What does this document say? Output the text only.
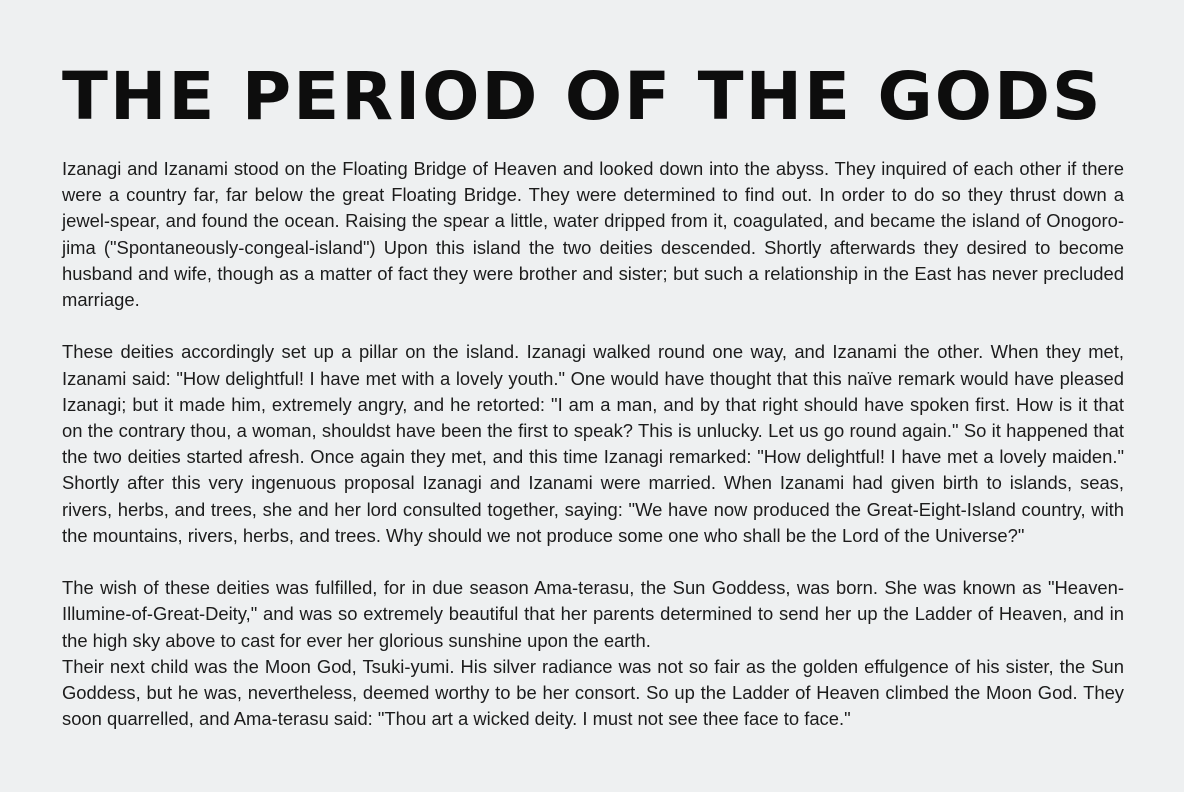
THE PERIOD OF THE GODS

Izanagi and Izanami stood on the Floating Bridge of Heaven and looked down into the abyss. They inquired of each other if there were a country far, far below the great Floating Bridge. They were determined to find out. In order to do so they thrust down a jewel-spear, and found the ocean. Raising the spear a little, water dripped from it, coagulated, and became the island of Onogoro-jima ("Spontaneously-congeal-island") Upon this island the two deities descended. Shortly afterwards they desired to become husband and wife, though as a matter of fact they were brother and sister; but such a relationship in the East has never precluded marriage.

These deities accordingly set up a pillar on the island. Izanagi walked round one way, and Izanami the other. When they met, Izanami said: "How delightful! I have met with a lovely youth." One would have thought that this naïve remark would have pleased Izanagi; but it made him, extremely angry, and he retorted: "I am a man, and by that right should have spoken first. How is it that on the contrary thou, a woman, shouldst have been the first to speak? This is unlucky. Let us go round again." So it happened that the two deities started afresh. Once again they met, and this time Izanagi remarked: "How delightful! I have met a lovely maiden." Shortly after this very ingenuous proposal Izanagi and Izanami were married. When Izanami had given birth to islands, seas, rivers, herbs, and trees, she and her lord consulted together, saying: "We have now produced the Great-Eight-Island country, with the mountains, rivers, herbs, and trees. Why should we not produce some one who shall be the Lord of the Universe?"

The wish of these deities was fulfilled, for in due season Ama-terasu, the Sun Goddess, was born. She was known as "Heaven-Illumine-of-Great-Deity," and was so extremely beautiful that her parents determined to send her up the Ladder of Heaven, and in the high sky above to cast for ever her glorious sunshine upon the earth.

Their next child was the Moon God, Tsuki-yumi. His silver radiance was not so fair as the golden effulgence of his sister, the Sun Goddess, but he was, nevertheless, deemed worthy to be her consort. So up the Ladder of Heaven climbed the Moon God. They soon quarrelled, and Ama-terasu said: "Thou art a wicked deity. I must not see thee face to face."
